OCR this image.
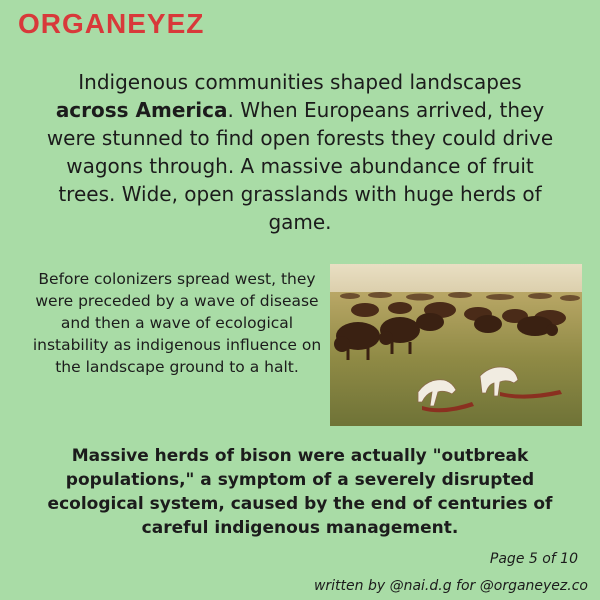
ORGANEYEZ
Indigenous communities shaped landscapes across America. When Europeans arrived, they were stunned to find open forests they could drive wagons through. A massive abundance of fruit trees. Wide, open grasslands with huge herds of game.
Before colonizers spread west, they were preceded by a wave of disease and then a wave of ecological instability as indigenous influence on the landscape ground to a halt.
Massive herds of bison were actually "outbreak populations," a symptom of a severely disrupted ecological system, caused by the end of centuries of careful indigenous management.
Page 5 of 10
written by @nai.d.g for @organeyez.co
